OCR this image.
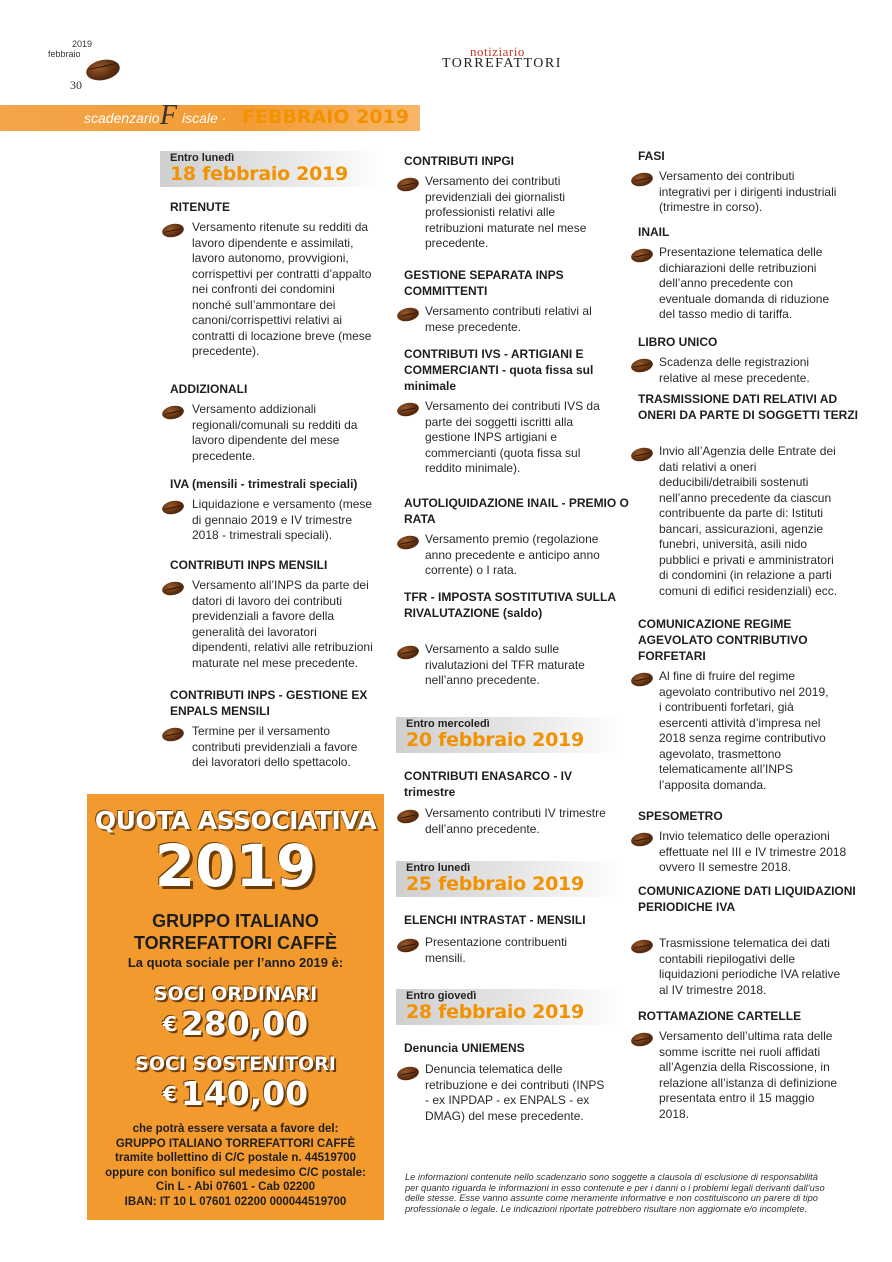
2019
febbraio
30
notiziario
TORREFATTORI
scadenzario F iscale · FEBBRAIO 2019
Entro lunedì
18 febbraio 2019
RITENUTE
Versamento ritenute su redditi da
lavoro dipendente e assimilati,
lavoro autonomo, provvigioni,
corrispettivi per contratti d’appalto
nei confronti dei condomini
nonché sull’ammontare dei
canoni/corrispettivi relativi ai
contratti di locazione breve (mese
precedente).
ADDIZIONALI
Versamento addizionali
regionali/comunali su redditi da
lavoro dipendente del mese
precedente.
IVA (mensili - trimestrali speciali)
Liquidazione e versamento (mese
di gennaio 2019 e IV trimestre
2018 - trimestrali speciali).
CONTRIBUTI INPS MENSILI
Versamento all’INPS da parte dei
datori di lavoro dei contributi
previdenziali a favore della
generalità dei lavoratori
dipendenti, relativi alle retribuzioni
maturate nel mese precedente.
CONTRIBUTI INPS - GESTIONE EX ENPALS MENSILI
Termine per il versamento
contributi previdenziali a favore
dei lavoratori dello spettacolo.
CONTRIBUTI INPGI
Versamento dei contributi
previdenziali dei giornalisti
professionisti relativi alle
retribuzioni maturate nel mese
precedente.
GESTIONE SEPARATA INPS COMMITTENTI
Versamento contributi relativi al
mese precedente.
CONTRIBUTI IVS - ARTIGIANI E COMMERCIANTI - quota fissa sul minimale
Versamento dei contributi IVS da
parte dei soggetti iscritti alla
gestione INPS artigiani e
commercianti (quota fissa sul
reddito minimale).
AUTOLIQUIDAZIONE INAIL - PREMIO O RATA
Versamento premio (regolazione
anno precedente e anticipo anno
corrente) o I rata.
TFR - IMPOSTA SOSTITUTIVA SULLA RIVALUTAZIONE (saldo)
Versamento a saldo sulle
rivalutazioni del TFR maturate
nell’anno precedente.
Entro mercoledì
20 febbraio 2019
CONTRIBUTI ENASARCO - IV trimestre
Versamento contributi IV trimestre
dell’anno precedente.
Entro lunedì
25 febbraio 2019
ELENCHI INTRASTAT - MENSILI
Presentazione contribuenti
mensili.
Entro giovedì
28 febbraio 2019
Denuncia UNIEMENS
Denuncia telematica delle
retribuzione e dei contributi (INPS
- ex INPDAP - ex ENPALS - ex
DMAG) del mese precedente.
FASI
Versamento dei contributi
integrativi per i dirigenti industriali
(trimestre in corso).
INAIL
Presentazione telematica delle
dichiarazioni delle retribuzioni
dell’anno precedente con
eventuale domanda di riduzione
del tasso medio di tariffa.
LIBRO UNICO
Scadenza delle registrazioni
relative al mese precedente.
TRASMISSIONE DATI RELATIVI AD ONERI DA PARTE DI SOGGETTI TERZI
Invio all’Agenzia delle Entrate dei
dati relativi a oneri
deducibili/detraibili sostenuti
nell’anno precedente da ciascun
contribuente da parte di: Istituti
bancari, assicurazioni, agenzie
funebri, università, asili nido
pubblici e privati e amministratori
di condomini (in relazione a parti
comuni di edifici residenziali) ecc.
COMUNICAZIONE REGIME AGEVOLATO CONTRIBUTIVO FORFETARI
Al fine di fruire del regime
agevolato contributivo nel 2019,
i contribuenti forfetari, già
esercenti attività d’impresa nel
2018 senza regime contributivo
agevolato, trasmettono
telematicamente all’INPS
l’apposita domanda.
SPESOMETRO
Invio telematico delle operazioni
effettuate nel III e IV trimestre 2018
ovvero II semestre 2018.
COMUNICAZIONE DATI LIQUIDAZIONI PERIODICHE IVA
Trasmissione telematica dei dati
contabili riepilogativi delle
liquidazioni periodiche IVA relative
al IV trimestre 2018.
ROTTAMAZIONE CARTELLE
Versamento dell’ultima rata delle
somme iscritte nei ruoli affidati
all’Agenzia della Riscossione, in
relazione all’istanza di definizione
presentata entro il 15 maggio
2018.
QUOTA ASSOCIATIVA
2019
GRUPPO ITALIANO
TORREFATTORI CAFFÈ
La quota sociale per l’anno 2019 è:
SOCI ORDINARI
€ 280,00
SOCI SOSTENITORI
€ 140,00
che potrà essere versata a favore del:
GRUPPO ITALIANO TORREFATTORI CAFFÈ
tramite bollettino di C/C postale n. 44519700
oppure con bonifico sul medesimo C/C postale:
Cin L - Abi 07601 - Cab 02200
IBAN: IT 10 L 07601 02200 000044519700
Le informazioni contenute nello scadenzario sono soggette a clausola di esclusione di responsabilità
per quanto riguarda le informazioni in esso contenute e per i danni o i problemi legali derivanti dall’uso
delle stesse. Esse vanno assunte come meramente informative e non costituiscono un parere di tipo
professionale o legale. Le indicazioni riportate potrebbero risultare non aggiornate e/o incomplete.
